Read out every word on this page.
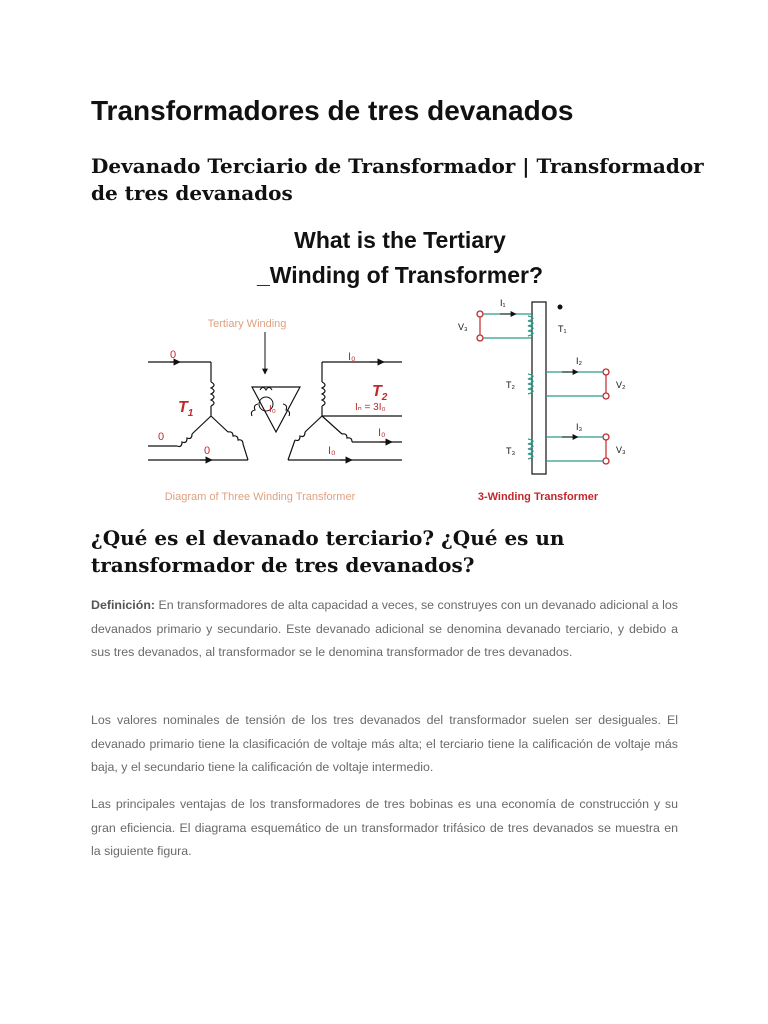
Transformadores de tres devanados
Devanado Terciario de Transformador | Transformador de tres devanados
What is the Tertiary
_Winding of Transformer?
Tertiary Winding
0
0
0
$T_1$	I₀
I₀
$T_2$
Iₙ = 3I₀
I₀
I₀
Diagram of Three Winding Transformer
I₁
V₃	T₁
I₂
V₂
T₂
I₃
V₃
T₃
3-Winding Transformer
¿Qué es el devanado terciario? ¿Qué es un transformador de tres devanados?

Definición: En transformadores de alta capacidad a veces, se construyes con un devanado adicional a los devanados primario y secundario. Este devanado adicional se denomina devanado terciario, y debido a sus tres devanados, al transformador se le denomina transformador de tres devanados.

Los valores nominales de tensión de los tres devanados del transformador suelen ser desiguales. El devanado primario tiene la clasificación de voltaje más alta; el terciario tiene la calificación de voltaje más baja, y el secundario tiene la calificación de voltaje intermedio.

Las principales ventajas de los transformadores de tres bobinas es una economía de construcción y su gran eficiencia. El diagrama esquemático de un transformador trifásico de tres devanados se muestra en la siguiente figura.
